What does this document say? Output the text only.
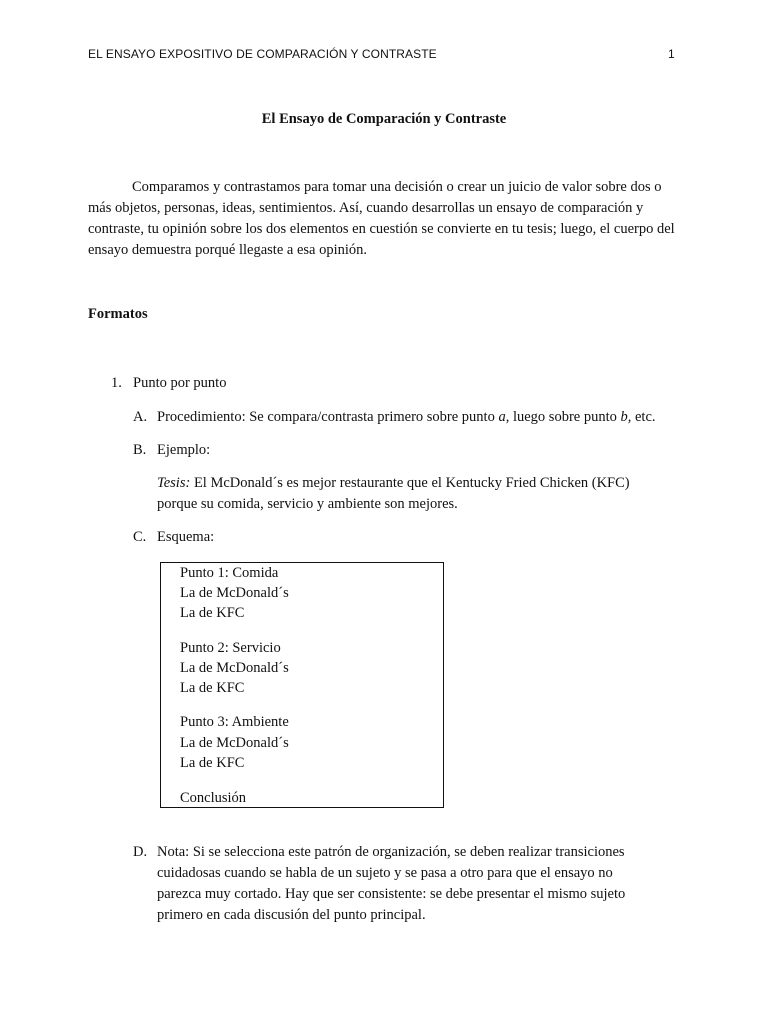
EL ENSAYO EXPOSITIVO DE COMPARACIÓN Y CONTRASTE	1
El Ensayo de Comparación y Contraste

Comparamos y contrastamos para tomar una decisión o crear un juicio de valor sobre dos o más objetos, personas, ideas, sentimientos. Así, cuando desarrollas un ensayo de comparación y contraste, tu opinión sobre los dos elementos en cuestión se convierte en tu tesis; luego, el cuerpo del ensayo demuestra porqué llegaste a esa opinión.

Formatos
1. Punto por punto
A. Procedimiento: Se compara/contrasta primero sobre punto a, luego sobre punto b, etc.
B. Ejemplo:
Tesis: El McDonald´s es mejor restaurante que el Kentucky Fried Chicken (KFC)
porque su comida, servicio y ambiente son mejores.
C. Esquema:
Punto 1: Comida
La de McDonald´s
La de KFC
Punto 2: Servicio
La de McDonald´s
La de KFC
Punto 3: Ambiente
La de McDonald´s
La de KFC
Conclusión
D. Nota: Si se selecciona este patrón de organización, se deben realizar transiciones cuidadosas cuando se habla de un sujeto y se pasa a otro para que el ensayo no parezca muy cortado. Hay que ser consistente: se debe presentar el mismo sujeto primero en cada discusión del punto principal.
